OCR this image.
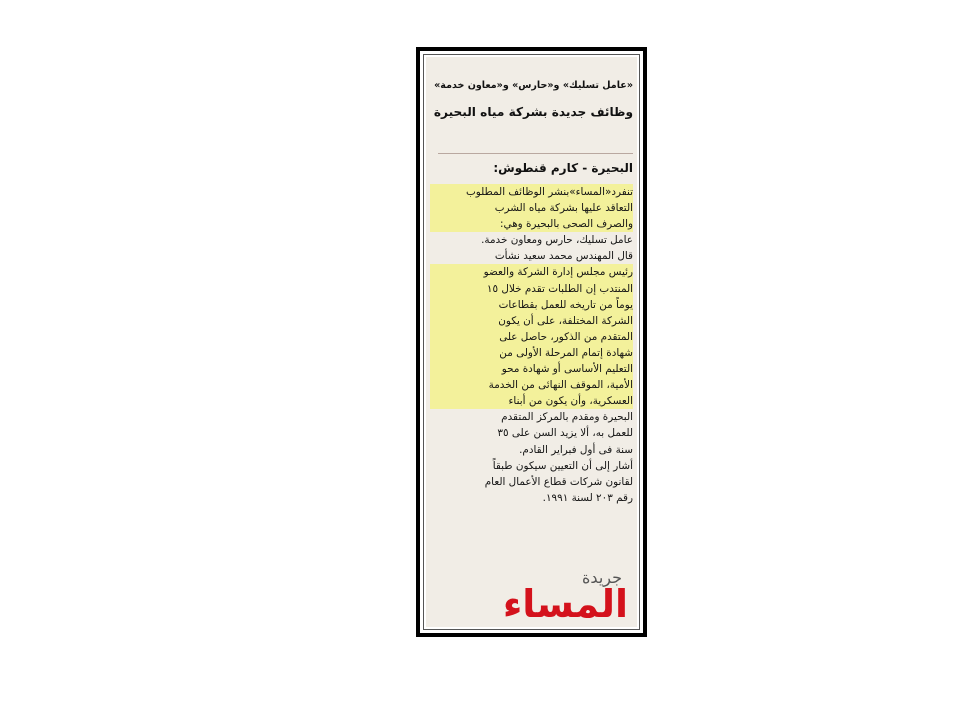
«عامل تسليك» و«حارس» و«معاون خدمة»
وظائف جديدة بشركة مياه البحيرة
البحيرة - كارم قنطوش:
تنفرد«المساء»بنشر الوظائف المطلوب
التعاقد عليها بشركة مياه الشرب
والصرف الصحى بالبحيرة وهي:
عامل تسليك، حارس ومعاون خدمة.
قال المهندس محمد سعيد نشأت
رئيس مجلس إدارة الشركة والعضو
المنتدب إن الطلبات تقدم خلال ١٥
يوماً من تاريخه للعمل بقطاعات
الشركة المختلفة، على أن يكون
المتقدم من الذكور، حاصل على
شهادة إتمام المرحلة الأولى من
التعليم الأساسى أو شهادة محو
الأمية، الموقف النهائى من الخدمة
العسكرية، وأن يكون من أبناء
البحيرة ومقدم بالمركز المتقدم
للعمل به، ألا يزيد السن على ٣٥
سنة فى أول فبراير القادم.
أشار إلى أن التعيين سيكون طبقاً
لقانون شركات قطاع الأعمال العام
رقم ٢٠٣ لسنة ١٩٩١.
جريدة
المساء
